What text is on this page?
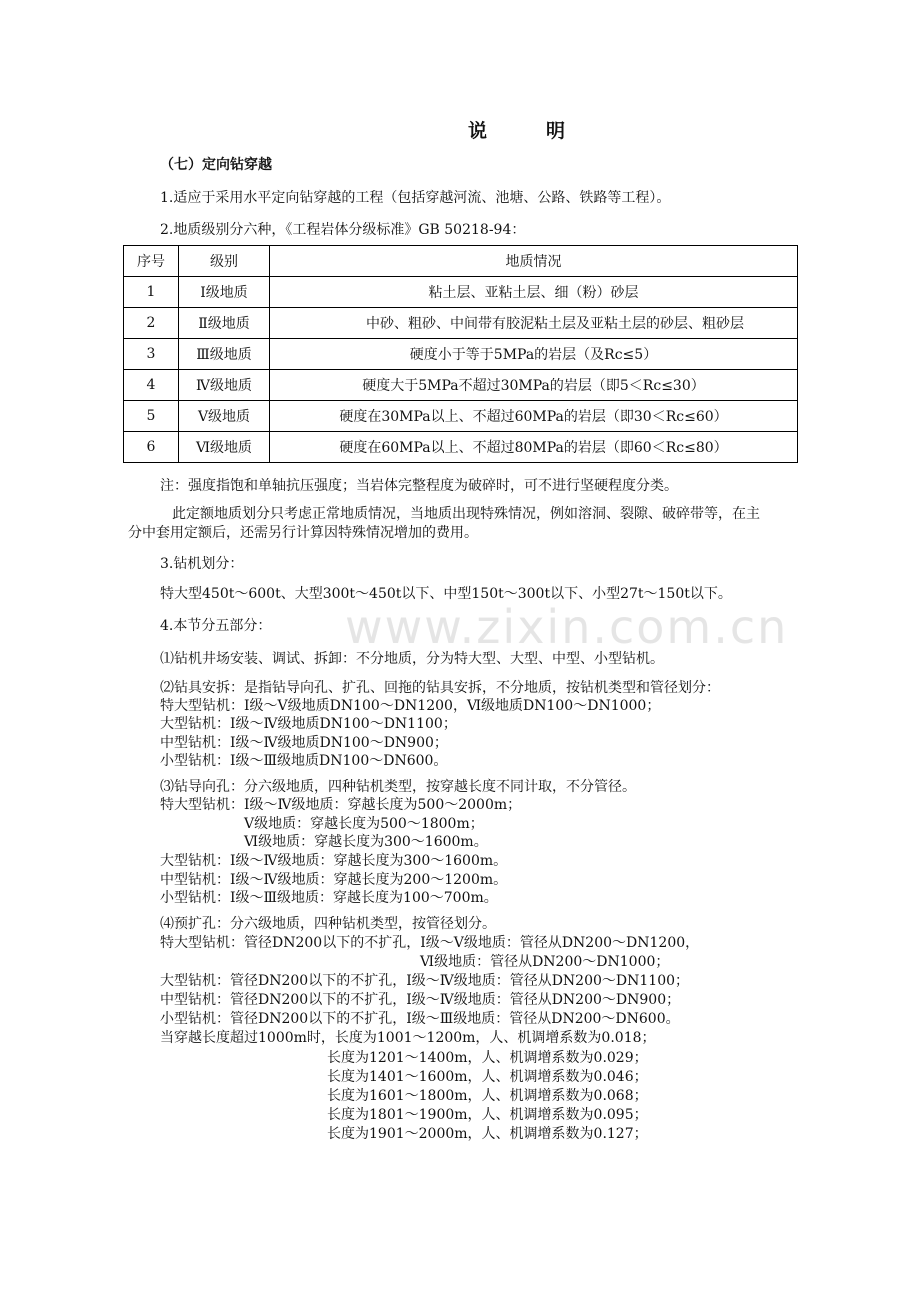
www.zixin.com.cn
说　明
（七）定向钻穿越
1.适应于采用水平定向钻穿越的工程（包括穿越河流、池塘、公路、铁路等工程）。
2.地质级别分六种，《工程岩体分级标准》GB 50218-94：
序号	级别	地质情况
1	Ⅰ级地质	粘土层、亚粘土层、细（粉）砂层
2	Ⅱ级地质	中砂、粗砂、中间带有胶泥粘土层及亚粘土层的砂层、粗砂层
3	Ⅲ级地质	硬度小于等于5MPa的岩层（及Rc≤5）
4	Ⅳ级地质	硬度大于5MPa不超过30MPa的岩层（即5＜Rc≤30）
5	Ⅴ级地质	硬度在30MPa以上、不超过60MPa的岩层（即30＜Rc≤60）
6	Ⅵ级地质	硬度在60MPa以上、不超过80MPa的岩层（即60＜Rc≤80）
注：强度指饱和单轴抗压强度；当岩体完整程度为破碎时，可不进行坚硬程度分类。
此定额地质划分只考虑正常地质情况，当地质出现特殊情况，例如溶洞、裂隙、破碎带等，在主
分中套用定额后，还需另行计算因特殊情况增加的费用。
3.钻机划分：
特大型450t～600t、大型300t～450t以下、中型150t～300t以下、小型27t～150t以下。
4.本节分五部分：
⑴钻机井场安装、调试、拆卸：不分地质，分为特大型、大型、中型、小型钻机。
⑵钻具安拆：是指钻导向孔、扩孔、回拖的钻具安拆，不分地质，按钻机类型和管径划分：
特大型钻机：Ⅰ级～Ⅴ级地质DN100～DN1200，Ⅵ级地质DN100～DN1000；
大型钻机：Ⅰ级～Ⅳ级地质DN100～DN1100；
中型钻机：Ⅰ级～Ⅳ级地质DN100～DN900；
小型钻机：Ⅰ级～Ⅲ级地质DN100～DN600。
⑶钻导向孔：分六级地质，四种钻机类型，按穿越长度不同计取，不分管径。
特大型钻机：Ⅰ级～Ⅳ级地质：穿越长度为500～2000m；
Ⅴ级地质：穿越长度为500～1800m；
Ⅵ级地质：穿越长度为300～1600m。
大型钻机：Ⅰ级～Ⅳ级地质：穿越长度为300～1600m。
中型钻机：Ⅰ级～Ⅳ级地质：穿越长度为200～1200m。
小型钻机：Ⅰ级～Ⅲ级地质：穿越长度为100～700m。
⑷预扩孔：分六级地质，四种钻机类型，按管径划分。
特大型钻机：管径DN200以下的不扩孔，Ⅰ级～Ⅴ级地质：管径从DN200～DN1200，
Ⅵ级地质：管径从DN200～DN1000；
大型钻机：管径DN200以下的不扩孔，Ⅰ级～Ⅳ级地质：管径从DN200～DN1100；
中型钻机：管径DN200以下的不扩孔，Ⅰ级～Ⅳ级地质：管径从DN200～DN900；
小型钻机：管径DN200以下的不扩孔，Ⅰ级～Ⅲ级地质：管径从DN200～DN600。
当穿越长度超过1000m时，长度为1001～1200m，人、机调增系数为0.018；
长度为1201～1400m，人、机调增系数为0.029；
长度为1401～1600m，人、机调增系数为0.046；
长度为1601～1800m，人、机调增系数为0.068；
长度为1801～1900m，人、机调增系数为0.095；
长度为1901～2000m，人、机调增系数为0.127；
